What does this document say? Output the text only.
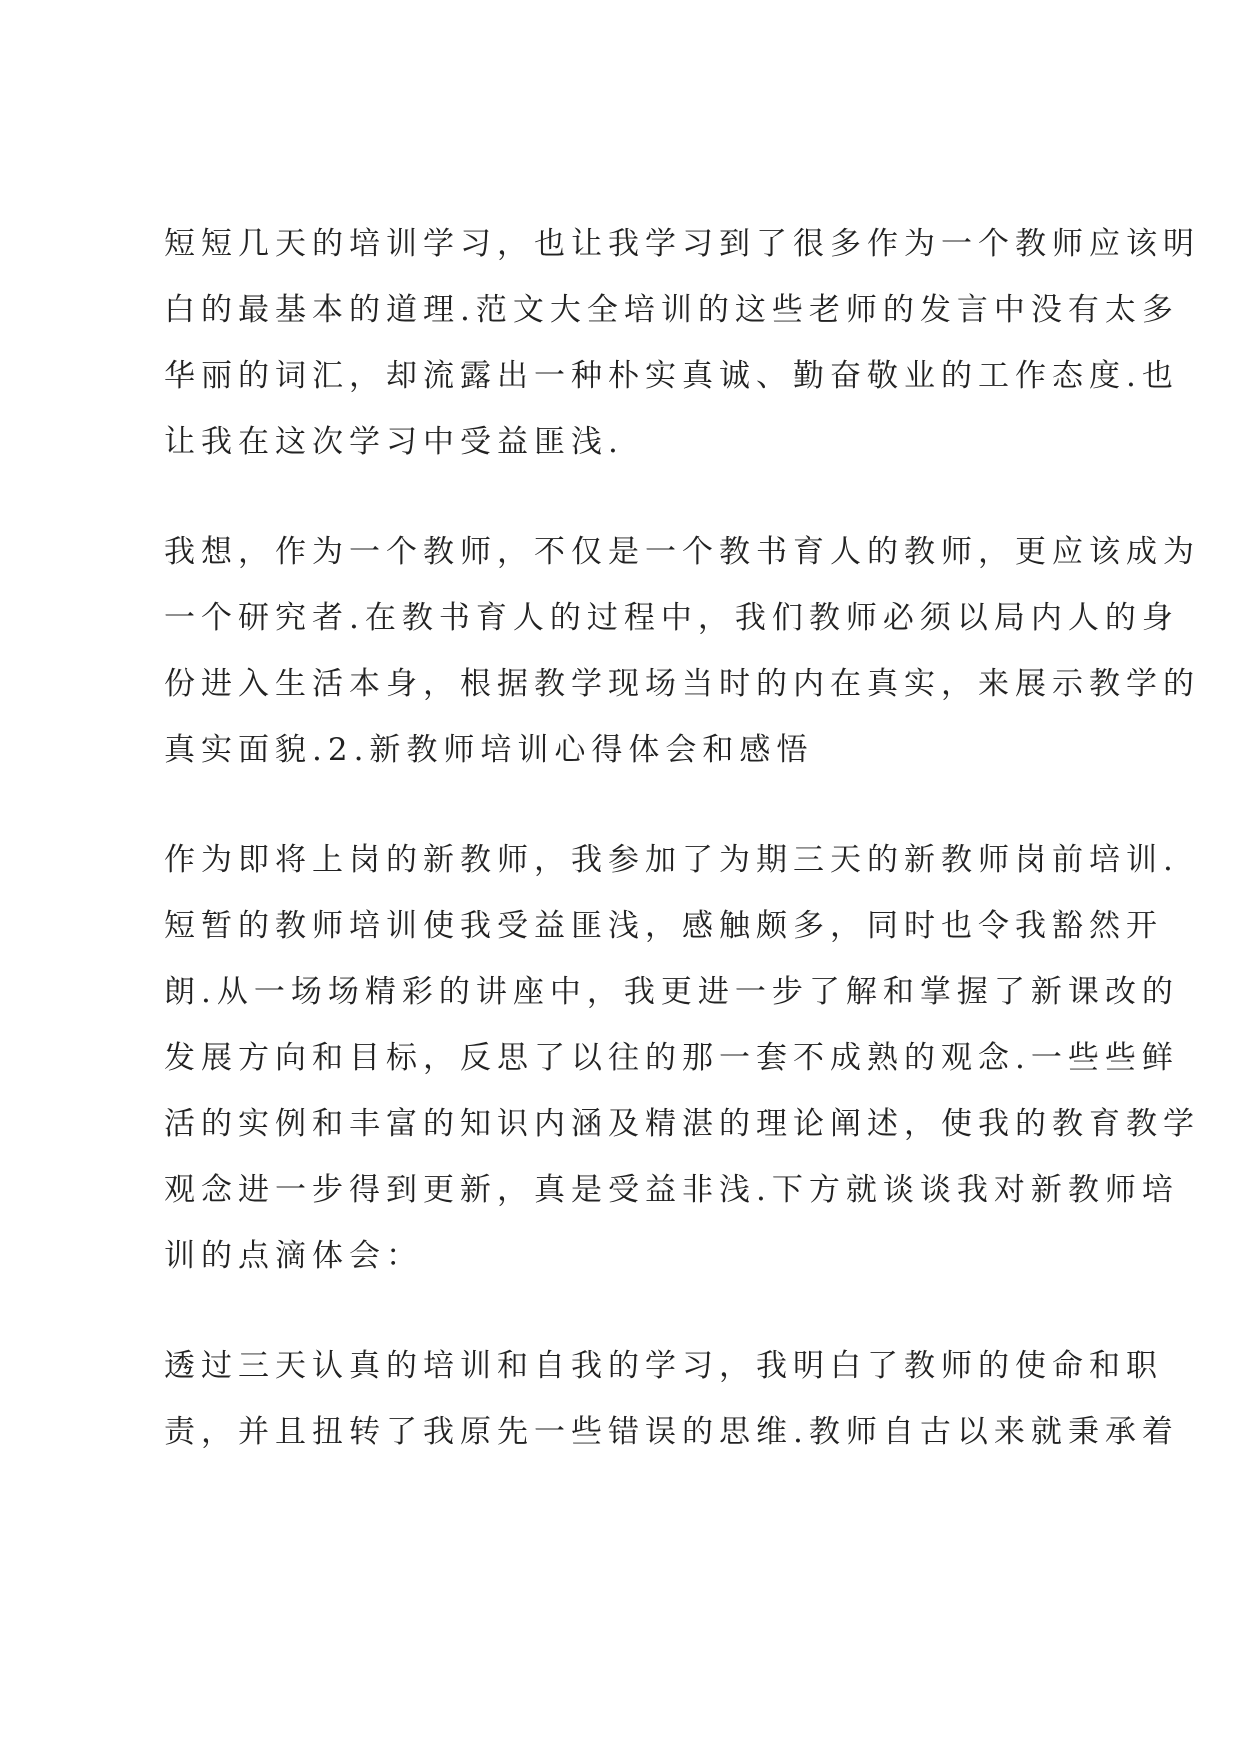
短短几天的培训学习，也让我学习到了很多作为一个教师应该明
白的最基本的道理.范文大全培训的这些老师的发言中没有太多
华丽的词汇，却流露出一种朴实真诚、勤奋敬业的工作态度.也
让我在这次学习中受益匪浅.
我想，作为一个教师，不仅是一个教书育人的教师，更应该成为
一个研究者.在教书育人的过程中，我们教师必须以局内人的身
份进入生活本身，根据教学现场当时的内在真实，来展示教学的
真实面貌.2.新教师培训心得体会和感悟
作为即将上岗的新教师，我参加了为期三天的新教师岗前培训.
短暂的教师培训使我受益匪浅，感触颇多，同时也令我豁然开
朗.从一场场精彩的讲座中，我更进一步了解和掌握了新课改的
发展方向和目标，反思了以往的那一套不成熟的观念.一些些鲜
活的实例和丰富的知识内涵及精湛的理论阐述，使我的教育教学
观念进一步得到更新，真是受益非浅.下方就谈谈我对新教师培
训的点滴体会：
透过三天认真的培训和自我的学习，我明白了教师的使命和职
责，并且扭转了我原先一些错误的思维.教师自古以来就秉承着
